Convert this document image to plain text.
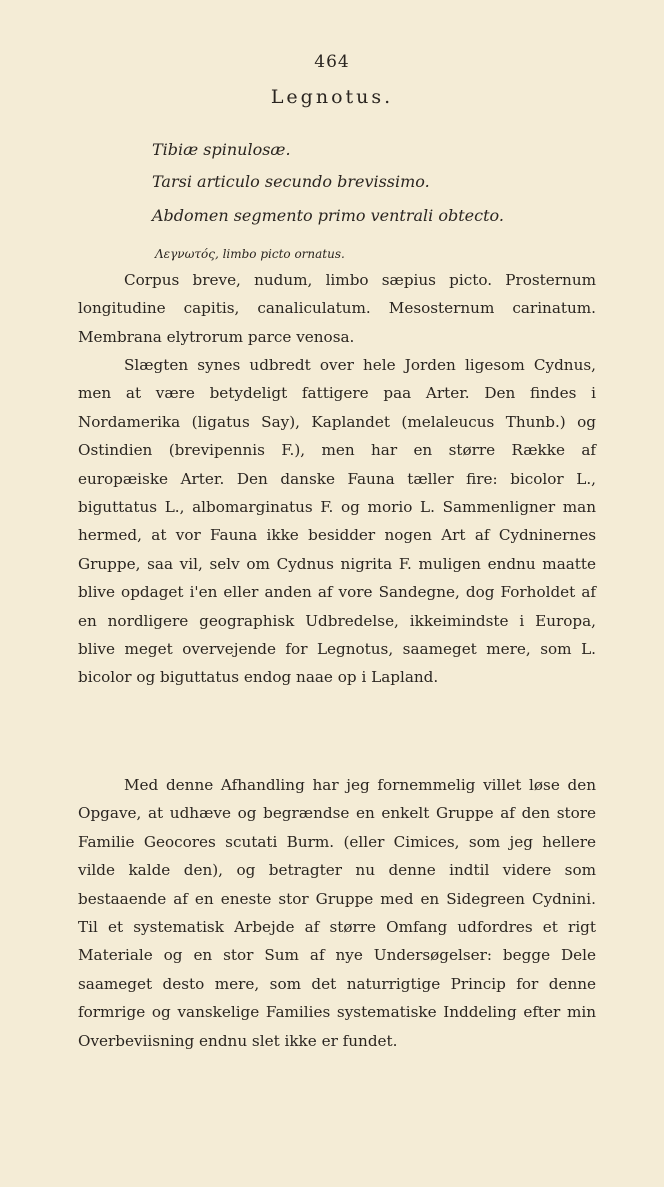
464
Legnotus.
Tibiæ spinulosæ.
Tarsi articulo secundo brevissimo.
Abdomen segmento primo ventrali obtecto.
Λεγνωτός, limbo picto ornatus.

Corpus breve, nudum, limbo sæpius picto. Prosternum longitudine capitis, canaliculatum. Mesosternum carinatum. Membrana elytrorum parce venosa.

Slægten synes udbredt over hele Jorden ligesom Cydnus, men at være betydeligt fattigere paa Arter. Den findes i Nordamerika (ligatus Say), Kaplandet (melaleucus Thunb.) og Ostindien (brevipennis F.), men har en større Række af europæiske Arter. Den danske Fauna tæller fire: bicolor L., biguttatus L., albomarginatus F. og morio L. Sammenligner man hermed, at vor Fauna ikke besidder nogen Art af Cydninernes Gruppe, saa vil, selv om Cydnus nigrita F. muligen endnu maatte blive opdaget i'en eller anden af vore Sandegne, dog Forholdet af en nordligere geographisk Udbredelse, ikkeimindste i Europa, blive meget overvejende for Legnotus, saameget mere, som L. bicolor og biguttatus endog naae op i Lapland.

Med denne Afhandling har jeg fornemmelig villet løse den Opgave, at udhæve og begrændse en enkelt Gruppe af den store Familie Geocores scutati Burm. (eller Cimices, som jeg hellere vilde kalde den), og betragter nu denne indtil videre som bestaaende af en eneste stor Gruppe med en Sidegreen Cydnini. Til et systematisk Arbejde af større Omfang udfordres et rigt Materiale og en stor Sum af nye Undersøgelser: begge Dele saameget desto mere, som det naturrigtige Princip for denne formrige og vanskelige Families systematiske Inddeling efter min Overbeviisning endnu slet ikke er fundet.
